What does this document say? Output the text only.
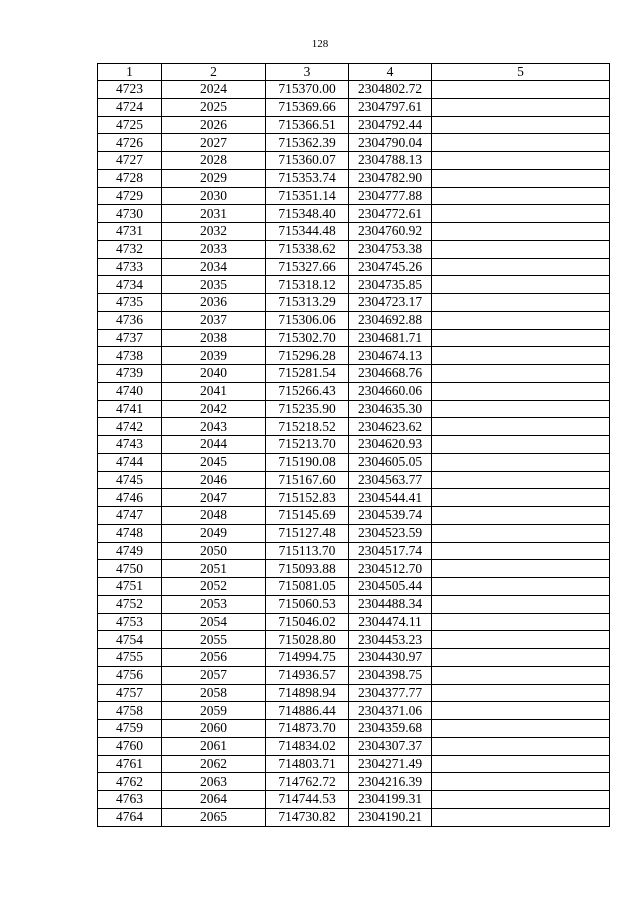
128
1	2	3	4	5
4723	2024	715370.00	2304802.72	
4724	2025	715369.66	2304797.61	
4725	2026	715366.51	2304792.44	
4726	2027	715362.39	2304790.04	
4727	2028	715360.07	2304788.13	
4728	2029	715353.74	2304782.90	
4729	2030	715351.14	2304777.88	
4730	2031	715348.40	2304772.61	
4731	2032	715344.48	2304760.92	
4732	2033	715338.62	2304753.38	
4733	2034	715327.66	2304745.26	
4734	2035	715318.12	2304735.85	
4735	2036	715313.29	2304723.17	
4736	2037	715306.06	2304692.88	
4737	2038	715302.70	2304681.71	
4738	2039	715296.28	2304674.13	
4739	2040	715281.54	2304668.76	
4740	2041	715266.43	2304660.06	
4741	2042	715235.90	2304635.30	
4742	2043	715218.52	2304623.62	
4743	2044	715213.70	2304620.93	
4744	2045	715190.08	2304605.05	
4745	2046	715167.60	2304563.77	
4746	2047	715152.83	2304544.41	
4747	2048	715145.69	2304539.74	
4748	2049	715127.48	2304523.59	
4749	2050	715113.70	2304517.74	
4750	2051	715093.88	2304512.70	
4751	2052	715081.05	2304505.44	
4752	2053	715060.53	2304488.34	
4753	2054	715046.02	2304474.11	
4754	2055	715028.80	2304453.23	
4755	2056	714994.75	2304430.97	
4756	2057	714936.57	2304398.75	
4757	2058	714898.94	2304377.77	
4758	2059	714886.44	2304371.06	
4759	2060	714873.70	2304359.68	
4760	2061	714834.02	2304307.37	
4761	2062	714803.71	2304271.49	
4762	2063	714762.72	2304216.39	
4763	2064	714744.53	2304199.31	
4764	2065	714730.82	2304190.21	
